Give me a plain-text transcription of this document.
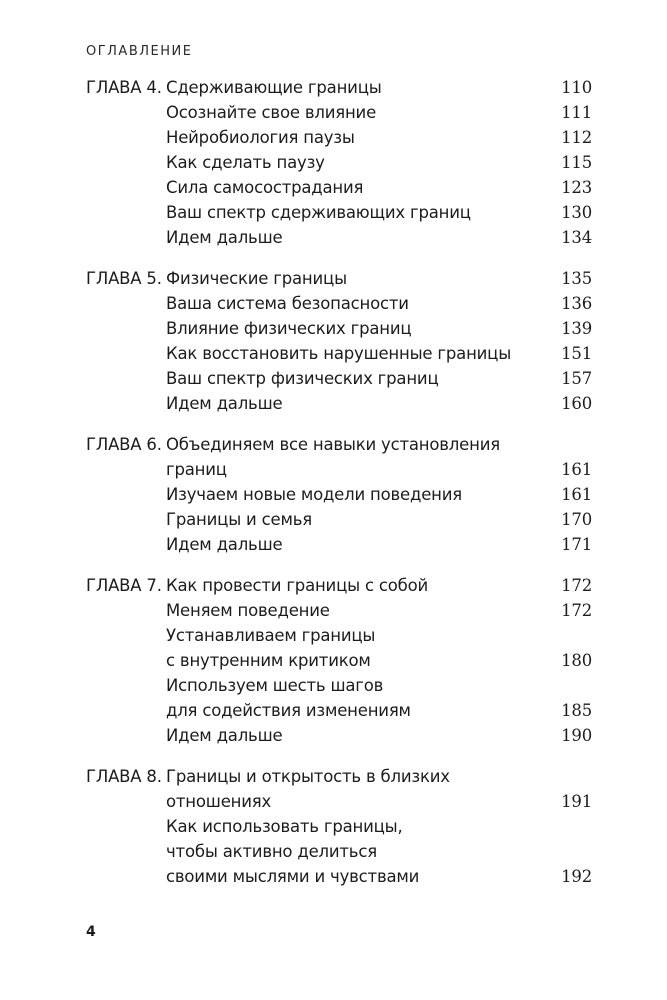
ОГЛАВЛЕНИЕ
ГЛАВА 4. Сдерживающие границы	110
Осознайте свое влияние	111
Нейробиология паузы	112
Как сделать паузу	115
Сила самосострадания	123
Ваш спектр сдерживающих границ	130
Идем дальше	134
ГЛАВА 5. Физические границы	135
Ваша система безопасности	136
Влияние физических границ	139
Как восстановить нарушенные границы	151
Ваш спектр физических границ	157
Идем дальше	160
ГЛАВА 6. Объединяем все навыки установления
границ	161
Изучаем новые модели поведения	161
Границы и семья	170
Идем дальше	171
ГЛАВА 7. Как провести границы с собой	172
Меняем поведение	172
Устанавливаем границы
с внутренним критиком	180
Используем шесть шагов
для содействия изменениям	185
Идем дальше	190
ГЛАВА 8. Границы и открытость в близких
отношениях	191
Как использовать границы,
чтобы активно делиться
своими мыслями и чувствами	192
4
